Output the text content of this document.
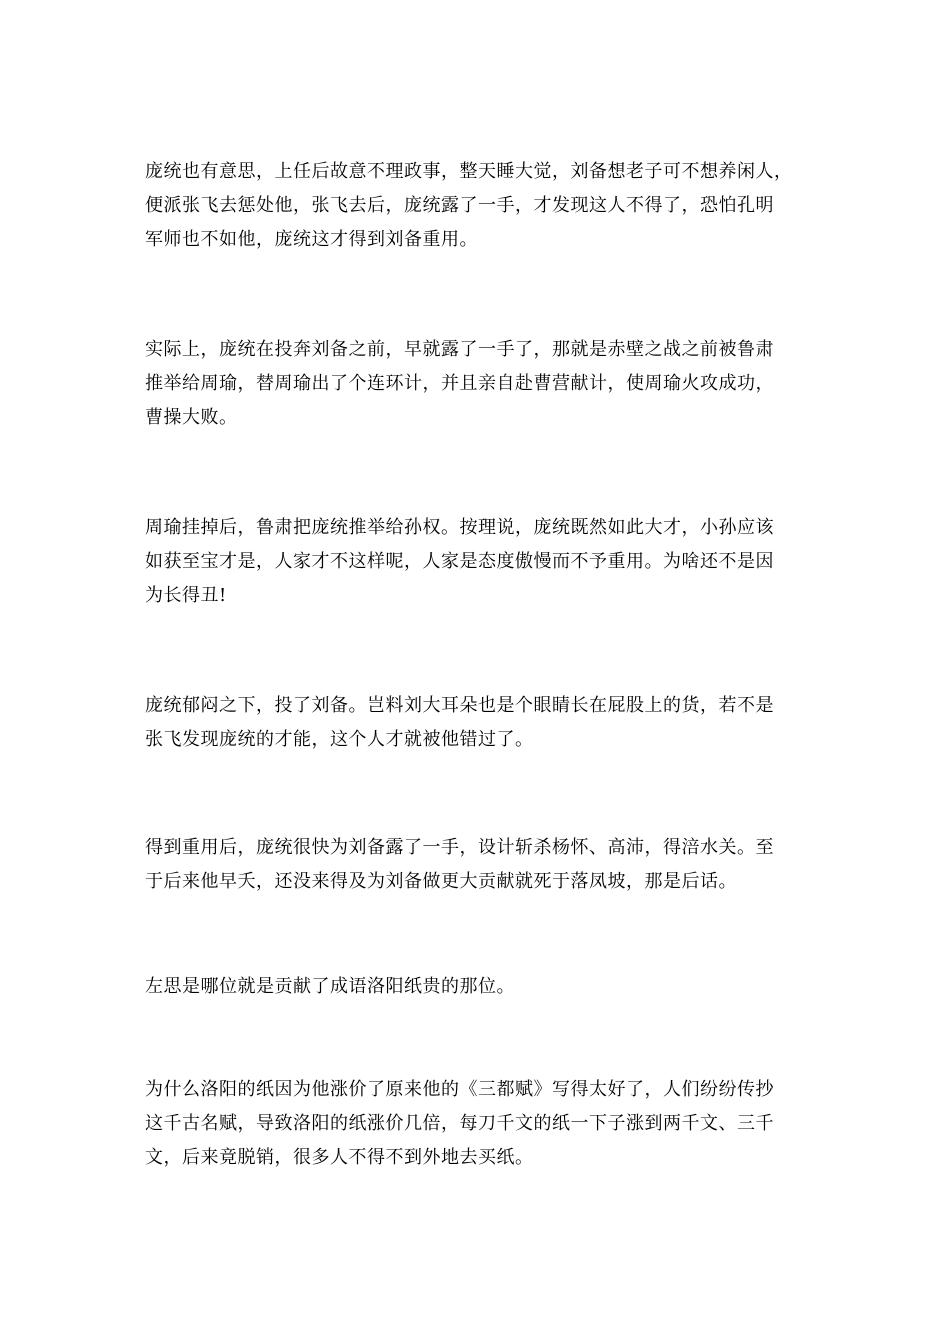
庞统也有意思，上任后故意不理政事，整天睡大觉，刘备想老子可不想养闲人，
便派张飞去惩处他，张飞去后，庞统露了一手，才发现这人不得了，恐怕孔明
军师也不如他，庞统这才得到刘备重用。

实际上，庞统在投奔刘备之前，早就露了一手了，那就是赤壁之战之前被鲁肃
推举给周瑜，替周瑜出了个连环计，并且亲自赴曹营献计，使周瑜火攻成功，
曹操大败。

周瑜挂掉后，鲁肃把庞统推举给孙权。按理说，庞统既然如此大才，小孙应该
如获至宝才是，人家才不这样呢，人家是态度傲慢而不予重用。为啥还不是因
为长得丑!

庞统郁闷之下，投了刘备。岂料刘大耳朵也是个眼睛长在屁股上的货，若不是
张飞发现庞统的才能，这个人才就被他错过了。

得到重用后，庞统很快为刘备露了一手，设计斩杀杨怀、高沛，得涪水关。至
于后来他早夭，还没来得及为刘备做更大贡献就死于落凤坡，那是后话。

左思是哪位就是贡献了成语洛阳纸贵的那位。

为什么洛阳的纸因为他涨价了原来他的《三都赋》写得太好了，人们纷纷传抄
这千古名赋，导致洛阳的纸涨价几倍，每刀千文的纸一下子涨到两千文、三千
文，后来竟脱销，很多人不得不到外地去买纸。
